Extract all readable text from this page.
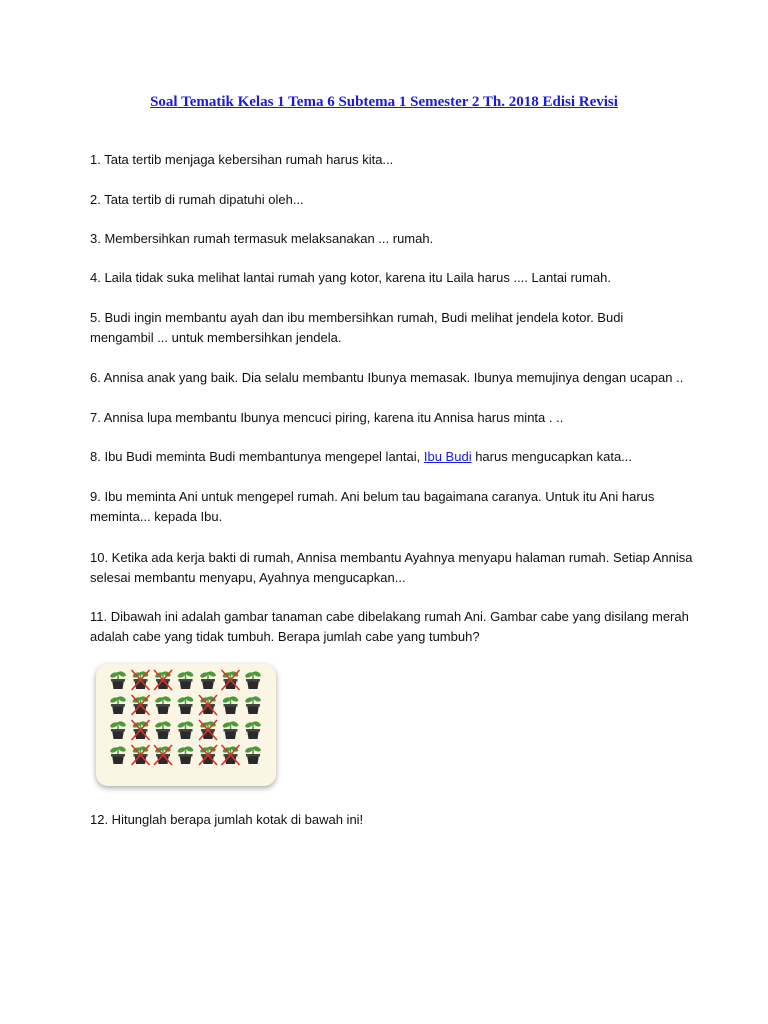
Soal Tematik Kelas 1 Tema 6 Subtema 1 Semester 2 Th. 2018 Edisi Revisi
1. Tata tertib menjaga kebersihan rumah harus kita...
2. Tata tertib di rumah dipatuhi oleh...
3. Membersihkan rumah termasuk melaksanakan ... rumah.
4. Laila tidak suka melihat lantai rumah yang kotor, karena itu Laila harus .... Lantai rumah.
5. Budi ingin membantu ayah dan ibu membersihkan rumah, Budi melihat jendela kotor. Budi
mengambil ... untuk membersihkan jendela.
6. Annisa anak yang baik. Dia selalu membantu Ibunya memasak. Ibunya memujinya dengan ucapan ..
7. Annisa lupa membantu Ibunya mencuci piring, karena itu Annisa harus minta . ..
8. Ibu Budi meminta Budi membantunya mengepel lantai, Ibu Budi harus mengucapkan kata...
9. Ibu meminta Ani untuk mengepel rumah. Ani belum tau bagaimana caranya. Untuk itu Ani harus
meminta... kepada Ibu.
10. Ketika ada kerja bakti di rumah, Annisa membantu Ayahnya menyapu halaman rumah. Setiap Annisa
selesai membantu menyapu, Ayahnya mengucapkan...
11. Dibawah ini adalah gambar tanaman cabe dibelakang rumah Ani. Gambar cabe yang disilang merah
adalah cabe yang tidak tumbuh. Berapa jumlah cabe yang tumbuh?
12. Hitunglah berapa jumlah kotak di bawah ini!
